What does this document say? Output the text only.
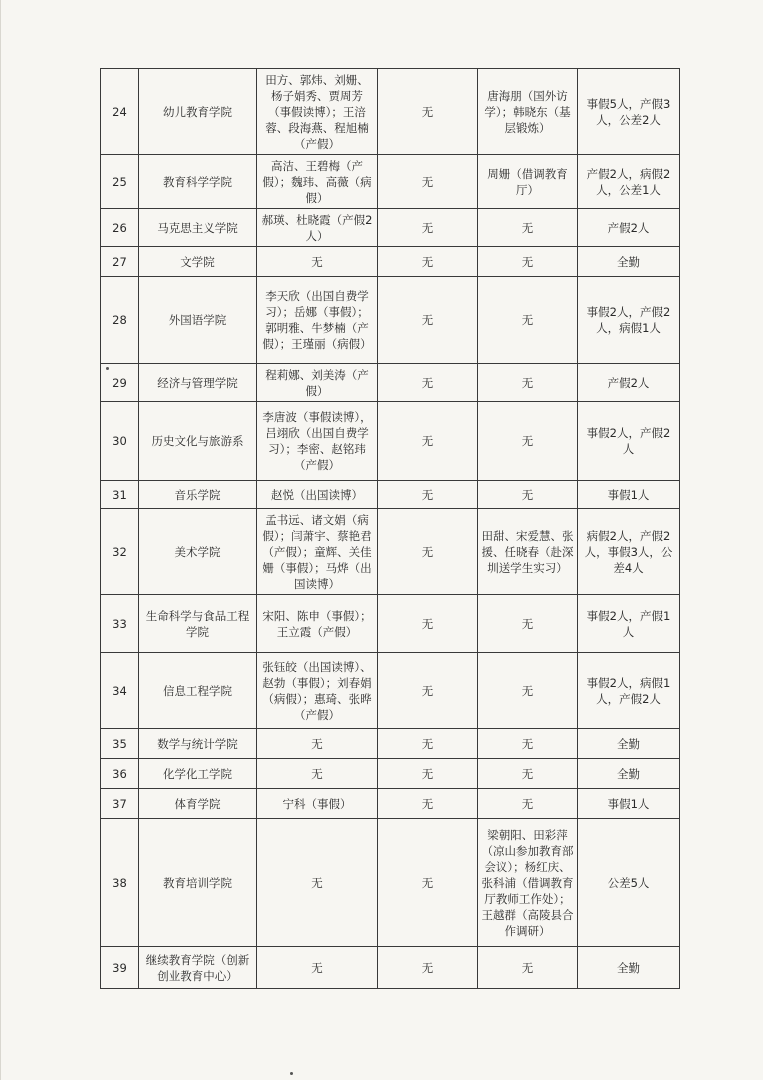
24	幼儿教育学院	田方、郭炜、刘姗、杨子娟秀、贾周芳（事假读博）；王涪蓉、段海燕、程旭楠（产假）	无	唐海朋（国外访学）；韩晓东（基层锻炼）	事假5人，产假3人，公差2人
25	教育科学学院	高洁、王碧梅（产假）；魏玮、高薇（病假）	无	周姗（借调教育厅）	产假2人，病假2人，公差1人
26	马克思主义学院	郝瑛、杜晓霞（产假2人）	无	无	产假2人
27	文学院	无	无	无	全勤
28	外国语学院	李天欣（出国自费学习）；岳娜（事假）；郭明雅、牛梦楠（产假）；王瑾丽（病假）	无	无	事假2人，产假2人，病假1人
29	经济与管理学院	程莉娜、刘美涛（产假）	无	无	产假2人
30	历史文化与旅游系	李唐波（事假读博），吕翊欣（出国自费学习）；李密、赵铭玮（产假）	无	无	事假2人，产假2人
31	音乐学院	赵悦（出国读博）	无	无	事假1人
32	美术学院	孟书远、诸文娟（病假）；闫萧宇、蔡艳君（产假）；童辉、关佳姗（事假）；马烨（出国读博）	无	田甜、宋爱慧、张援、任晓春（赴深圳送学生实习）	病假2人，产假2人，事假3人，公差4人
33	生命科学与食品工程学院	宋阳、陈申（事假）；王立霞（产假）	无	无	事假2人，产假1人
34	信息工程学院	张钰皎（出国读博）、赵勃（事假）；刘春娟（病假）；惠琦、张晔（产假）	无	无	事假2人，病假1人，产假2人
35	数学与统计学院	无	无	无	全勤
36	化学化工学院	无	无	无	全勤
37	体育学院	宁科（事假）	无	无	事假1人
38	教育培训学院	无	无	梁朝阳、田彩萍（凉山参加教育部会议）；杨红庆、张科浦（借调教育厅教师工作处）；王越群（高陵县合作调研）	公差5人
39	继续教育学院（创新创业教育中心）	无	无	无	全勤
